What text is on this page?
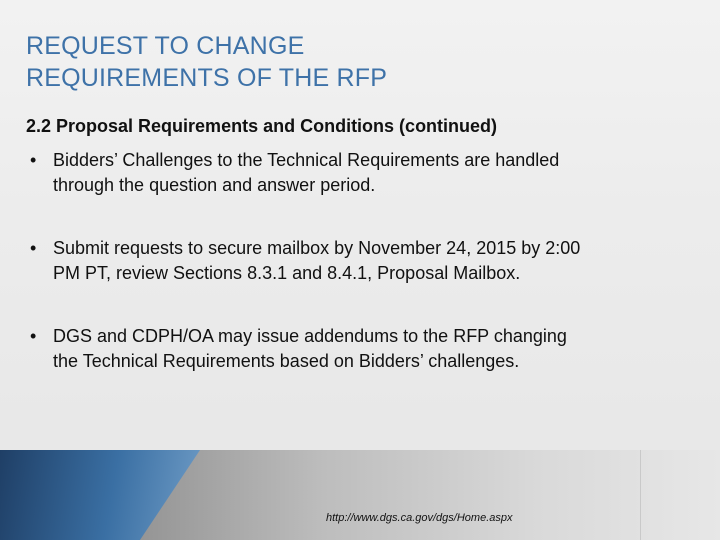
REQUEST TO CHANGE
REQUIREMENTS OF THE RFP
2.2 Proposal Requirements and Conditions (continued)
• Bidders’ Challenges to the Technical Requirements are handled
through the question and answer period.
• Submit requests to secure mailbox by November 24, 2015 by 2:00
PM PT, review Sections 8.3.1 and 8.4.1, Proposal Mailbox.
• DGS and CDPH/OA may issue addendums to the RFP changing
the Technical Requirements based on Bidders’ challenges.
http://www.dgs.ca.gov/dgs/Home.aspx
